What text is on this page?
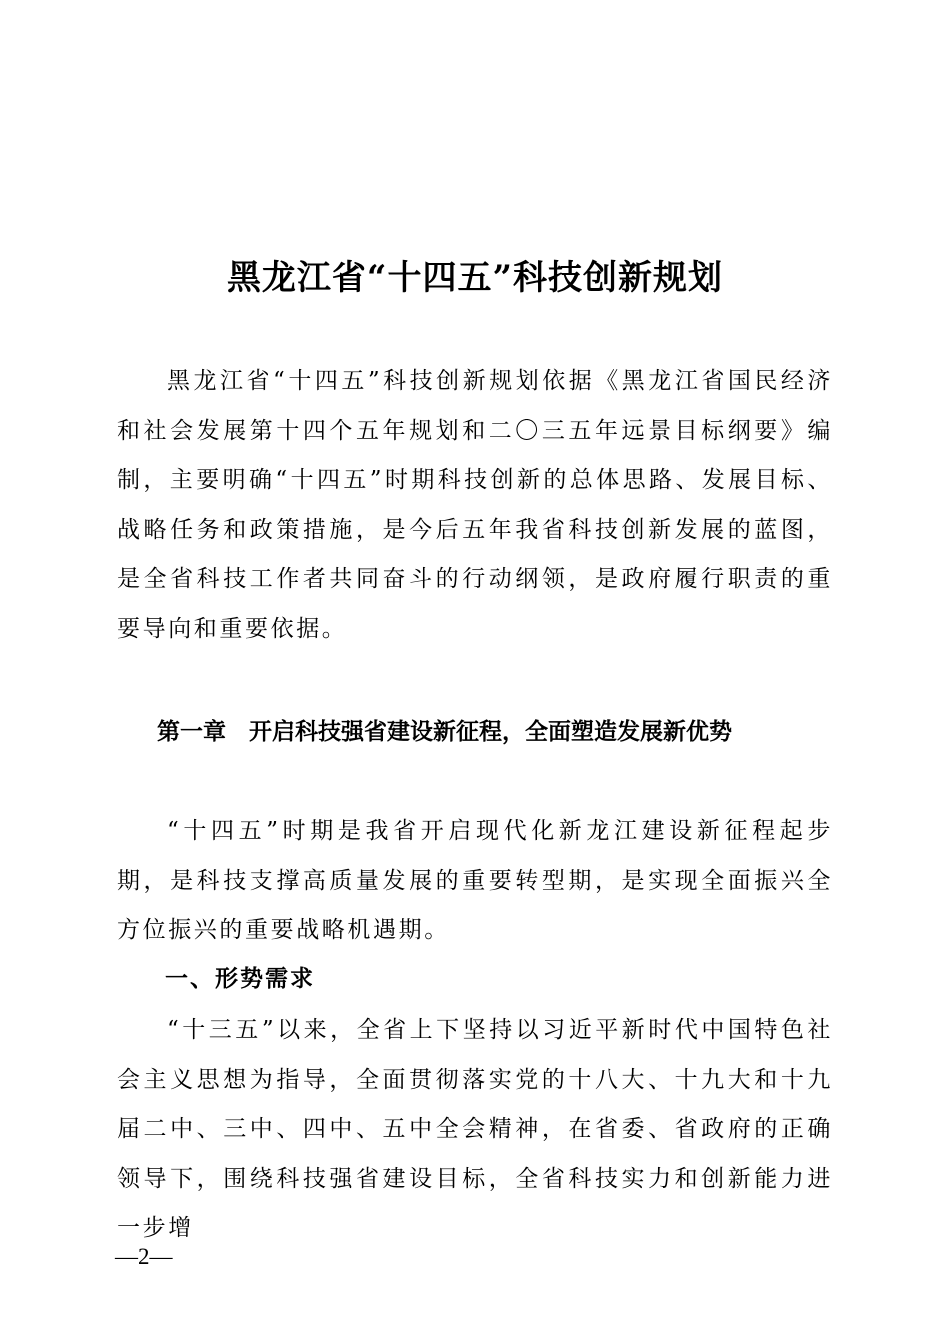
黑龙江省“十四五”科技创新规划
黑龙江省“十四五”科技创新规划依据《黑龙江省国民经济和社会发展第十四个五年规划和二〇三五年远景目标纲要》编制，主要明确“十四五”时期科技创新的总体思路、发展目标、战略任务和政策措施，是今后五年我省科技创新发展的蓝图，是全省科技工作者共同奋斗的行动纲领，是政府履行职责的重要导向和重要依据。
第一章　开启科技强省建设新征程，全面塑造发展新优势
“十四五”时期是我省开启现代化新龙江建设新征程起步期，是科技支撑高质量发展的重要转型期，是实现全面振兴全方位振兴的重要战略机遇期。
一、形势需求
“十三五”以来，全省上下坚持以习近平新时代中国特色社会主义思想为指导，全面贯彻落实党的十八大、十九大和十九届二中、三中、四中、五中全会精神，在省委、省政府的正确领导下，围绕科技强省建设目标，全省科技实力和创新能力进一步增
—2—
